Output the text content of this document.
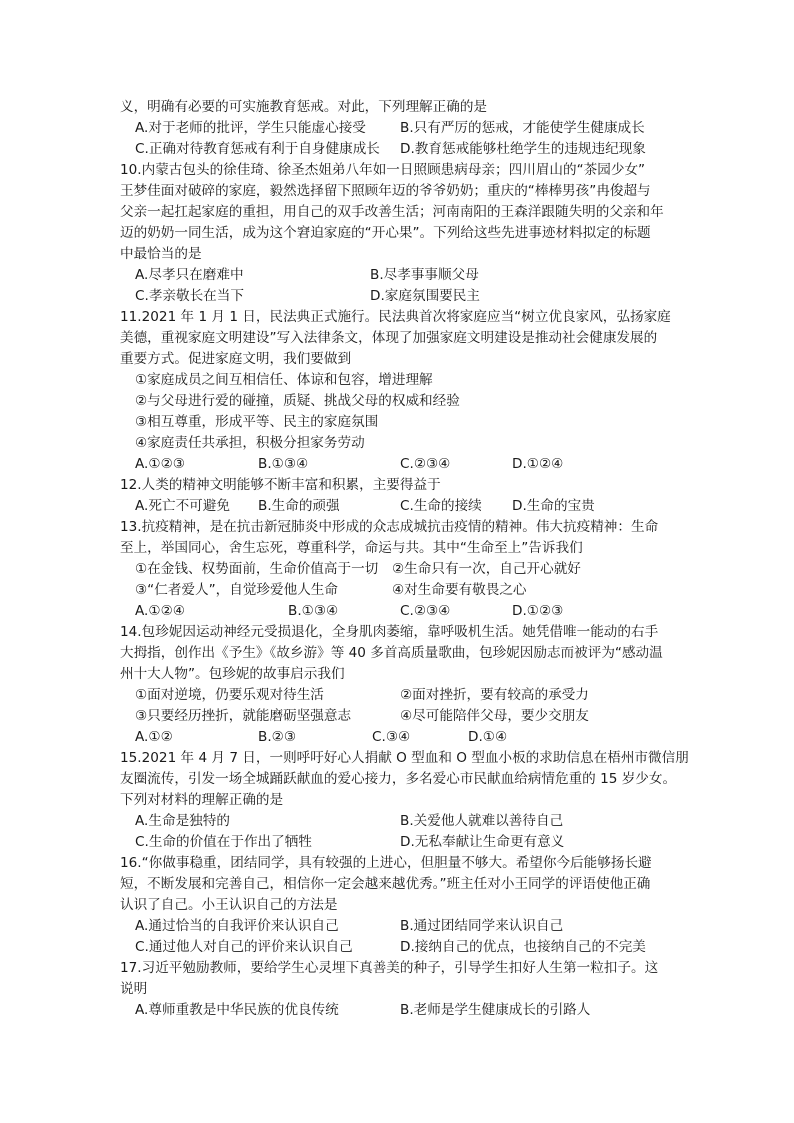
义，明确有必要的可实施教育惩戒。对此，下列理解正确的是
A.对于老师的批评，学生只能虚心接受	B.只有严厉的惩戒，才能使学生健康成长
C.正确对待教育惩戒有利于自身健康成长 D.教育惩戒能够杜绝学生的违规违纪现象
10.内蒙古包头的徐佳琦、徐圣杰姐弟八年如一日照顾患病母亲；四川眉山的“茶园少女”
王梦佳面对破碎的家庭，毅然选择留下照顾年迈的爷爷奶奶；重庆的“棒棒男孩”冉俊超与
父亲一起扛起家庭的重担，用自己的双手改善生活；河南南阳的王森洋跟随失明的父亲和年
迈的奶奶一同生活，成为这个窘迫家庭的“开心果”。下列给这些先进事迹材料拟定的标题
中最恰当的是
A.尽孝只在磨难中	B.尽孝事事顺父母
C.孝亲敬长在当下	D.家庭氛围要民主
11.2021 年 1 月 1 日，民法典正式施行。民法典首次将家庭应当“树立优良家风，弘扬家庭
美德，重视家庭文明建设”写入法律条文，体现了加强家庭文明建设是推动社会健康发展的
重要方式。促进家庭文明，我们要做到
①家庭成员之间互相信任、体谅和包容，增进理解
②与父母进行爱的碰撞，质疑、挑战父母的权威和经验
③相互尊重，形成平等、民主的家庭氛围
④家庭责任共承担，积极分担家务劳动
A.①②③	B.①③④	C.②③④	D.①②④
12.人类的精神文明能够不断丰富和积累，主要得益于
A.死亡不可避免 B.生命的顽强	C.生命的接续 D.生命的宝贵
13.抗疫精神，是在抗击新冠肺炎中形成的众志成城抗击疫情的精神。伟大抗疫精神：生命
至上，举国同心，舍生忘死，尊重科学，命运与共。其中“生命至上”告诉我们
①在金钱、权势面前，生命价值高于一切 ②生命只有一次，自己开心就好
③“仁者爱人”，自觉珍爱他人生命	④对生命要有敬畏之心
A.①②④	B.①③④	C.②③④	D.①②③
14.包珍妮因运动神经元受损退化，全身肌肉萎缩，靠呼吸机生活。她凭借唯一能动的右手
大拇指，创作出《予生》《故乡游》等 40 多首高质量歌曲，包珍妮因励志而被评为“感动温
州十大人物”。包珍妮的故事启示我们
①面对逆境，仍要乐观对待生活	②面对挫折，要有较高的承受力
③只要经历挫折，就能磨砺坚强意志	④尽可能陪伴父母，要少交朋友
A.①②	B.②③	C.③④	D.①④
15.2021 年 4 月 7 日，一则呼吁好心人捐献 O 型血和 O 型血小板的求助信息在梧州市微信朋
友圈流传，引发一场全城踊跃献血的爱心接力，多名爱心市民献血给病情危重的 15 岁少女。
下列对材料的理解正确的是
A.生命是独特的	B.关爱他人就难以善待自己
C.生命的价值在于作出了牺牲	D.无私奉献让生命更有意义
16.“你做事稳重，团结同学，具有较强的上进心，但胆量不够大。希望你今后能够扬长避
短，不断发展和完善自己，相信你一定会越来越优秀。”班主任对小王同学的评语使他正确
认识了自己。小王认识自己的方法是
A.通过恰当的自我评价来认识自己	B.通过团结同学来认识自己
C.通过他人对自己的评价来认识自己	D.接纳自己的优点，也接纳自己的不完美
17.习近平勉励教师，要给学生心灵埋下真善美的种子，引导学生扣好人生第一粒扣子。这
说明
A.尊师重教是中华民族的优良传统	B.老师是学生健康成长的引路人
